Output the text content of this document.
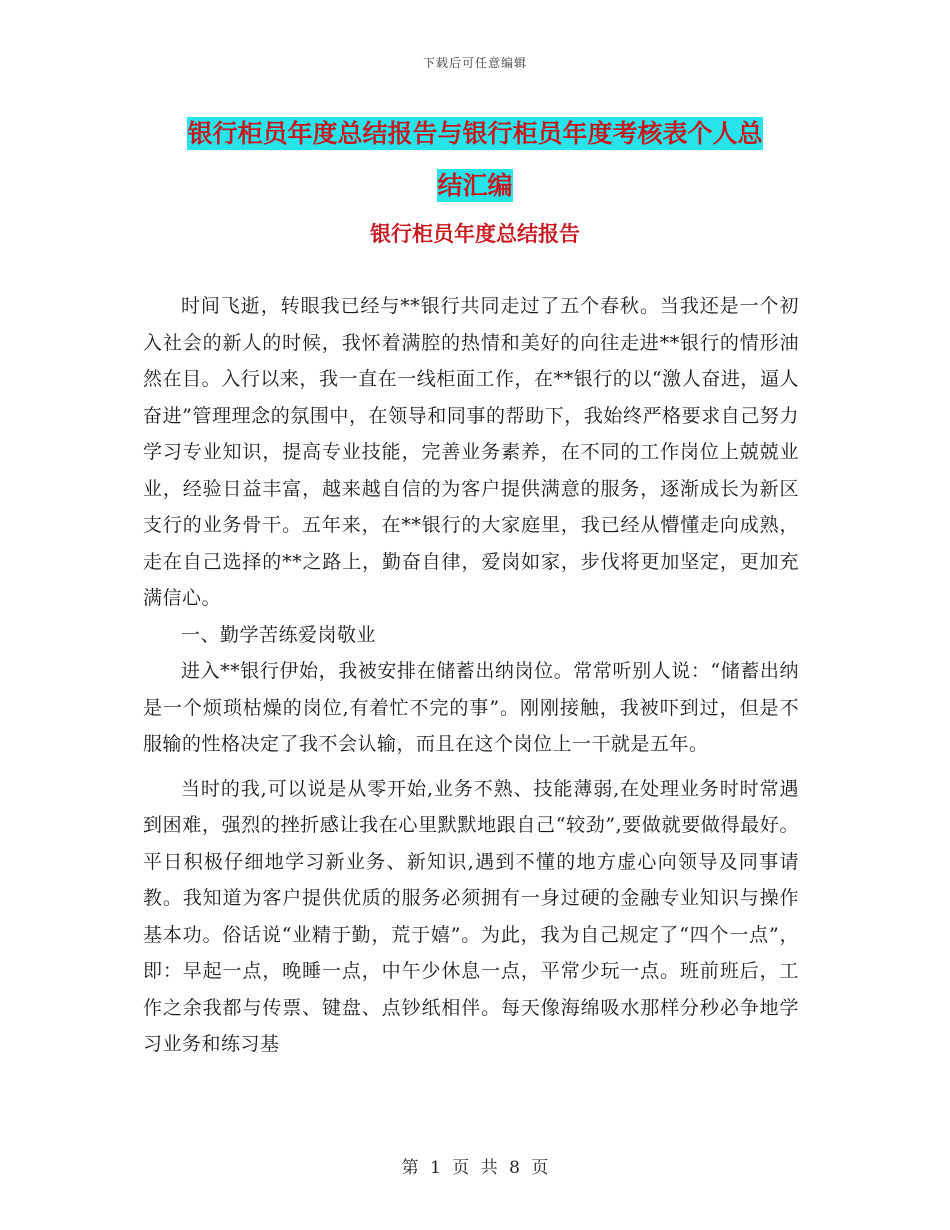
下载后可任意编辑
银行柜员年度总结报告与银行柜员年度考核表个人总
结汇编
银行柜员年度总结报告

时间飞逝，转眼我已经与**银行共同走过了五个春秋。当我还是一个初入社会的新人的时候，我怀着满腔的热情和美好的向往走进**银行的情形油然在目。入行以来，我一直在一线柜面工作，在**银行的以“激人奋进，逼人奋进”管理理念的氛围中，在领导和同事的帮助下，我始终严格要求自己努力学习专业知识，提高专业技能，完善业务素养，在不同的工作岗位上兢兢业业，经验日益丰富，越来越自信的为客户提供满意的服务，逐渐成长为新区支行的业务骨干。五年来，在**银行的大家庭里，我已经从懵懂走向成熟，走在自己选择的**之路上，勤奋自律，爱岗如家，步伐将更加坚定，更加充满信心。

一、勤学苦练爱岗敬业

进入**银行伊始，我被安排在储蓄出纳岗位。常常听别人说：“储蓄出纳是一个烦琐枯燥的岗位,有着忙不完的事”。刚刚接触，我被吓到过，但是不服输的性格决定了我不会认输，而且在这个岗位上一干就是五年。

当时的我,可以说是从零开始,业务不熟、技能薄弱,在处理业务时时常遇到困难，强烈的挫折感让我在心里默默地跟自己“较劲”,要做就要做得最好。平日积极仔细地学习新业务、新知识,遇到不懂的地方虚心向领导及同事请教。我知道为客户提供优质的服务必须拥有一身过硬的金融专业知识与操作基本功。俗话说“业精于勤，荒于嬉”。为此，我为自己规定了“四个一点”，即：早起一点，晚睡一点，中午少休息一点，平常少玩一点。班前班后，工作之余我都与传票、键盘、点钞纸相伴。每天像海绵吸水那样分秒必争地学习业务和练习基

第 1 页 共 8 页
